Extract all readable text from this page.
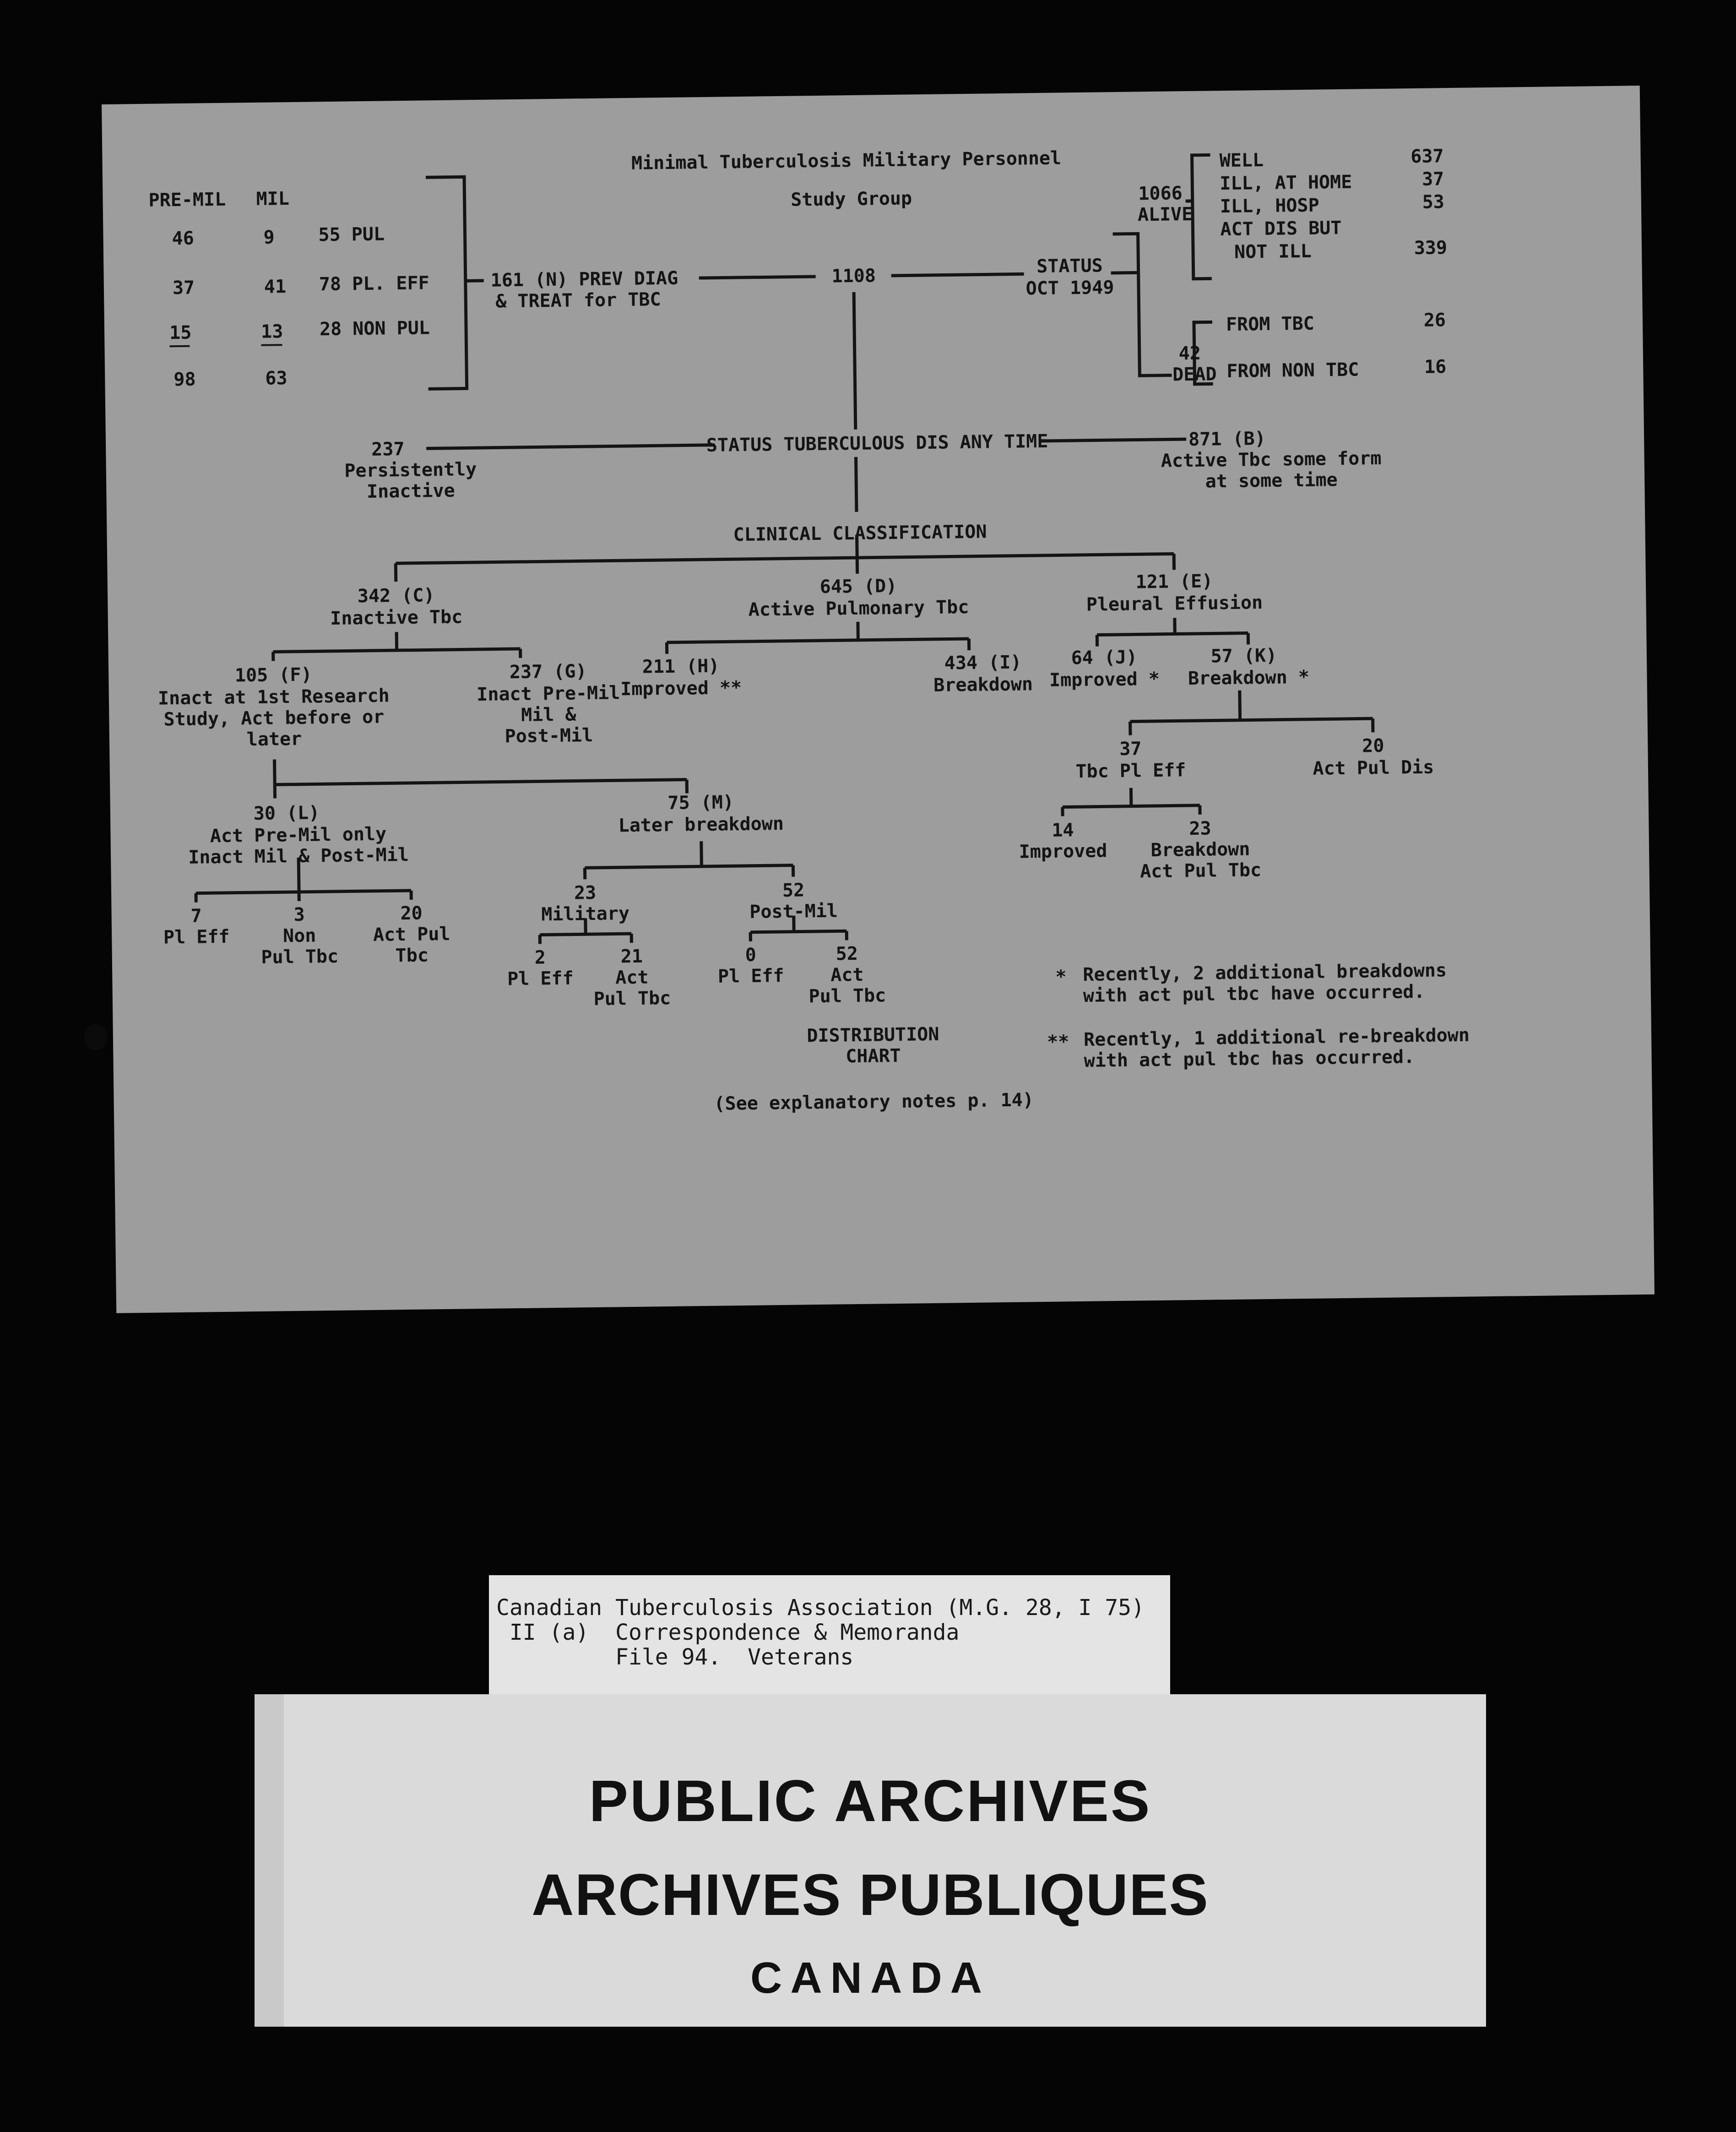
Minimal Tuberculosis Military Personnel
Study Group
PRE-MIL MIL
46	9 55 PUL
37	41 78 PL. EFF
15	13 28 NON PUL
98	63
161 (N) PREV DIAG
& TREAT for TBC
1108	STATUS
OCT 1949
1066
ALIVE
WELL	637
ILL, AT HOME	37
ILL, HOSP	53
ACT DIS BUT
NOT ILL	339
42
DEAD
FROM TBC	26
FROM NON TBC	16
237
Persistently
Inactive
STATUS TUBERCULOUS DIS ANY TIME	871 (B)
Active Tbc some form
at some time
CLINICAL CLASSIFICATION
342 (C)
Inactive Tbc
645 (D)
Active Pulmonary Tbc
121 (E)
Pleural Effusion
105 (F)
Inact at 1st Research
Study, Act before or
later
237 (G)
Inact Pre-Mil
Mil &
Post-Mil
211 (H)
Improved **
434 (I)
Breakdown
64 (J)
Improved *
57 (K)
Breakdown *
30 (L)
Act Pre-Mil only
Inact Mil & Post-Mil
75 (M)
Later breakdown
37
Tbc Pl Eff
20
Act Pul Dis
7
Pl Eff
3
Non
Pul Tbc
20
Act Pul
Tbc
23
Military
52
Post-Mil
2
Pl Eff
21
Act
Pul Tbc
0
Pl Eff
52
Act
Pul Tbc
14
Improved
23
Breakdown
Act Pul Tbc
* Recently, 2 additional breakdowns
with act pul tbc have occurred.
** Recently, 1 additional re-breakdown
with act pul tbc has occurred.
DISTRIBUTION
CHART
(See explanatory notes p. 14)
Canadian Tuberculosis Association (M.G. 28, I 75)
II (a)  Correspondence & Memoranda
File 94.  Veterans
PUBLIC ARCHIVES
ARCHIVES PUBLIQUES
CANADA
